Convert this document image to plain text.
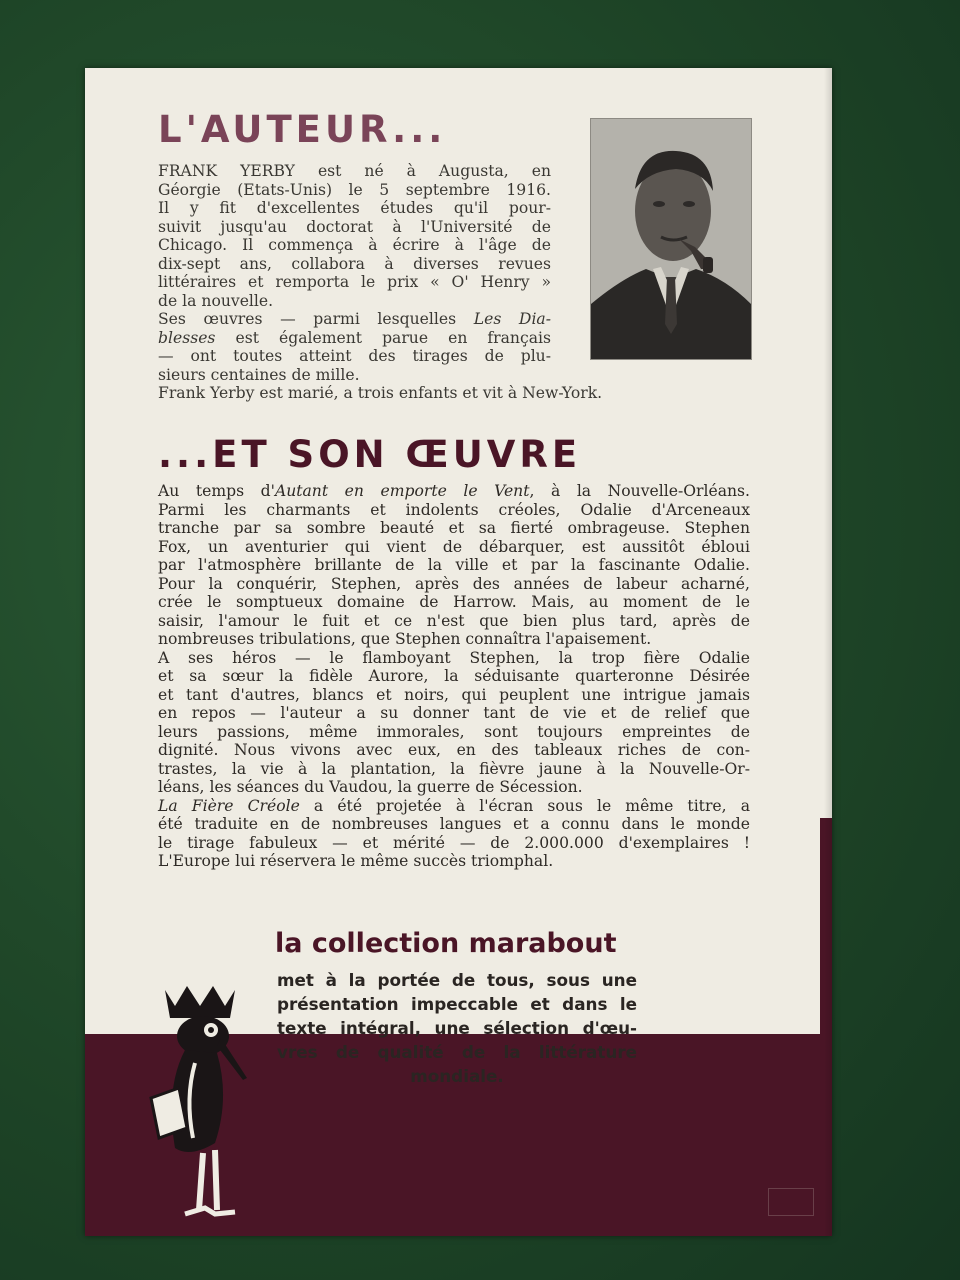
L'AUTEUR...
FRANK YERBY est né à Augusta, en
Géorgie (Etats-Unis) le 5 septembre 1916.
Il y fit d'excellentes études qu'il pour-
suivit jusqu'au doctorat à l'Université de
Chicago. Il commença à écrire à l'âge de
dix-sept ans, collabora à diverses revues
littéraires et remporta le prix « O' Henry »
de la nouvelle.
Ses œuvres — parmi lesquelles Les Dia-
blesses est également parue en français
— ont toutes atteint des tirages de plu-
sieurs centaines de mille.
Frank Yerby est marié, a trois enfants et vit à New-York.
...ET SON ŒUVRE
Au temps d'Autant en emporte le Vent, à la Nouvelle-Orléans.
Parmi les charmants et indolents créoles, Odalie d'Arceneaux
tranche par sa sombre beauté et sa fierté ombrageuse. Stephen
Fox, un aventurier qui vient de débarquer, est aussitôt ébloui
par l'atmosphère brillante de la ville et par la fascinante Odalie.
Pour la conquérir, Stephen, après des années de labeur acharné,
crée le somptueux domaine de Harrow. Mais, au moment de le
saisir, l'amour le fuit et ce n'est que bien plus tard, après de
nombreuses tribulations, que Stephen connaîtra l'apaisement.
A ses héros — le flamboyant Stephen, la trop fière Odalie
et sa sœur la fidèle Aurore, la séduisante quarteronne Désirée
et tant d'autres, blancs et noirs, qui peuplent une intrigue jamais
en repos — l'auteur a su donner tant de vie et de relief que
leurs passions, même immorales, sont toujours empreintes de
dignité. Nous vivons avec eux, en des tableaux riches de con-
trastes, la vie à la plantation, la fièvre jaune à la Nouvelle-Or-
léans, les séances du Vaudou, la guerre de Sécession.
La Fière Créole a été projetée à l'écran sous le même titre, a
été traduite en de nombreuses langues et a connu dans le monde
le tirage fabuleux — et mérité — de 2.000.000 d'exemplaires !
L'Europe lui réservera le même succès triomphal.
la collection marabout
met à la portée de tous, sous une
présentation impeccable et dans le
texte intégral, une sélection d'œu-
vres de qualité de la littérature
mondiale.
